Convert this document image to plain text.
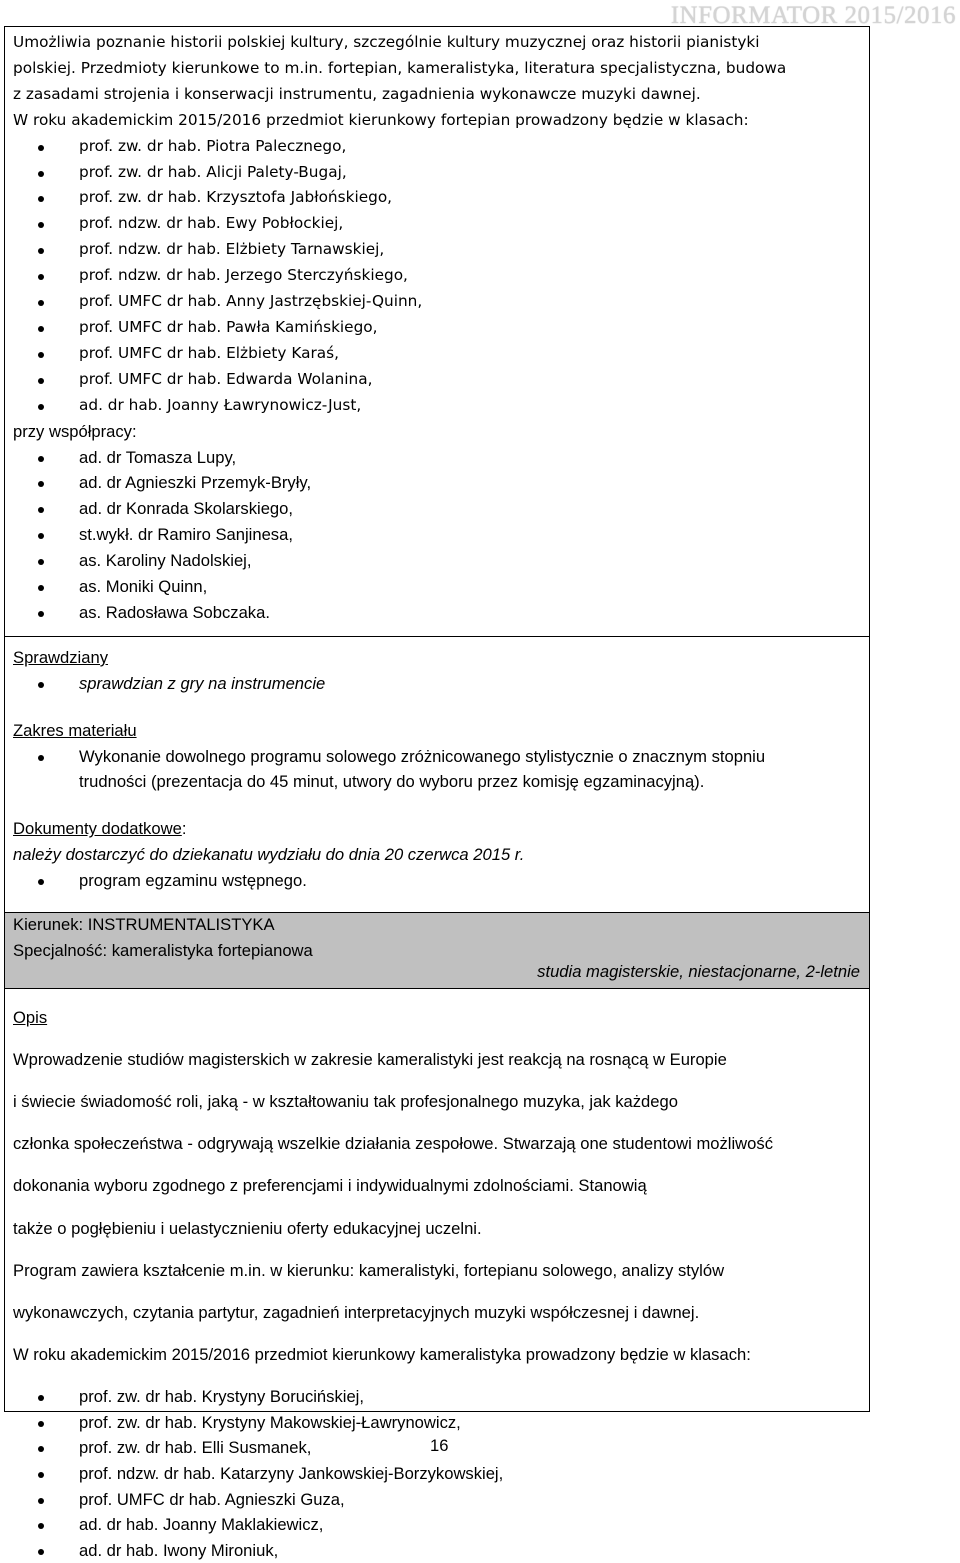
INFORMATOR 2015/2016

Umożliwia poznanie historii polskiej kultury, szczególnie kultury muzycznej oraz historii pianistyki

polskiej. Przedmioty kierunkowe to m.in. fortepian, kameralistyka, literatura specjalistyczna, budowa

z zasadami strojenia i konserwacji instrumentu, zagadnienia wykonawcze muzyki dawnej.

W roku akademickim 2015/2016 przedmiot kierunkowy fortepian prowadzony będzie w klasach:

prof. zw. dr hab. Piotra Palecznego,
prof. zw. dr hab. Alicji Palety-Bugaj,
prof. zw. dr hab. Krzysztofa Jabłońskiego,
prof. ndzw. dr hab. Ewy Pobłockiej,
prof. ndzw. dr hab. Elżbiety Tarnawskiej,
prof. ndzw. dr hab. Jerzego Sterczyńskiego,
prof. UMFC dr hab. Anny Jastrzębskiej-Quinn,
prof. UMFC dr hab. Pawła Kamińskiego,
prof. UMFC dr hab. Elżbiety Karaś,
prof. UMFC dr hab. Edwarda Wolanina,
ad. dr hab. Joanny Ławrynowicz-Just,

przy współpracy:

ad. dr Tomasza Lupy,
ad. dr Agnieszki Przemyk-Bryły,
ad. dr Konrada Skolarskiego,
st.wykł. dr Ramiro Sanjinesa,
as. Karoliny Nadolskiej,
as. Moniki Quinn,
as. Radosława Sobczaka.

Sprawdziany

sprawdzian z gry na instrumencie

Zakres materiału

Wykonanie dowolnego programu solowego zróżnicowanego stylistycznie o znacznym stopniu
trudności (prezentacja do 45 minut, utwory do wyboru przez komisję egzaminacyjną).

Dokumenty dodatkowe:

należy dostarczyć do dziekanatu wydziału do dnia 20 czerwca 2015 r.

program egzaminu wstępnego.
Kierunek: INSTRUMENTALISTYKA
Specjalność: kameralistyka fortepianowa
studia magisterskie, niestacjonarne, 2-letnie

Opis

Wprowadzenie studiów magisterskich w zakresie kameralistyki jest reakcją na rosnącą w Europie

i świecie świadomość roli, jaką - w kształtowaniu tak profesjonalnego muzyka, jak każdego

członka społeczeństwa - odgrywają wszelkie działania zespołowe. Stwarzają one studentowi możliwość

dokonania wyboru zgodnego z preferencjami i indywidualnymi zdolnościami. Stanowią

także o pogłębieniu i uelastycznieniu oferty edukacyjnej uczelni.

Program zawiera kształcenie m.in. w kierunku: kameralistyki, fortepianu solowego, analizy stylów

wykonawczych, czytania partytur, zagadnień interpretacyjnych muzyki współczesnej i dawnej.

W roku akademickim 2015/2016 przedmiot kierunkowy kameralistyka prowadzony będzie w klasach:

prof. zw. dr hab. Krystyny Borucińskiej,
prof. zw. dr hab. Krystyny Makowskiej-Ławrynowicz,
prof. zw. dr hab. Elli Susmanek,
prof. ndzw. dr hab. Katarzyny Jankowskiej-Borzykowskiej,
prof. UMFC dr hab. Agnieszki Guza,
ad. dr hab. Joanny Maklakiewicz,
ad. dr hab. Iwony Mironiuk,
16
